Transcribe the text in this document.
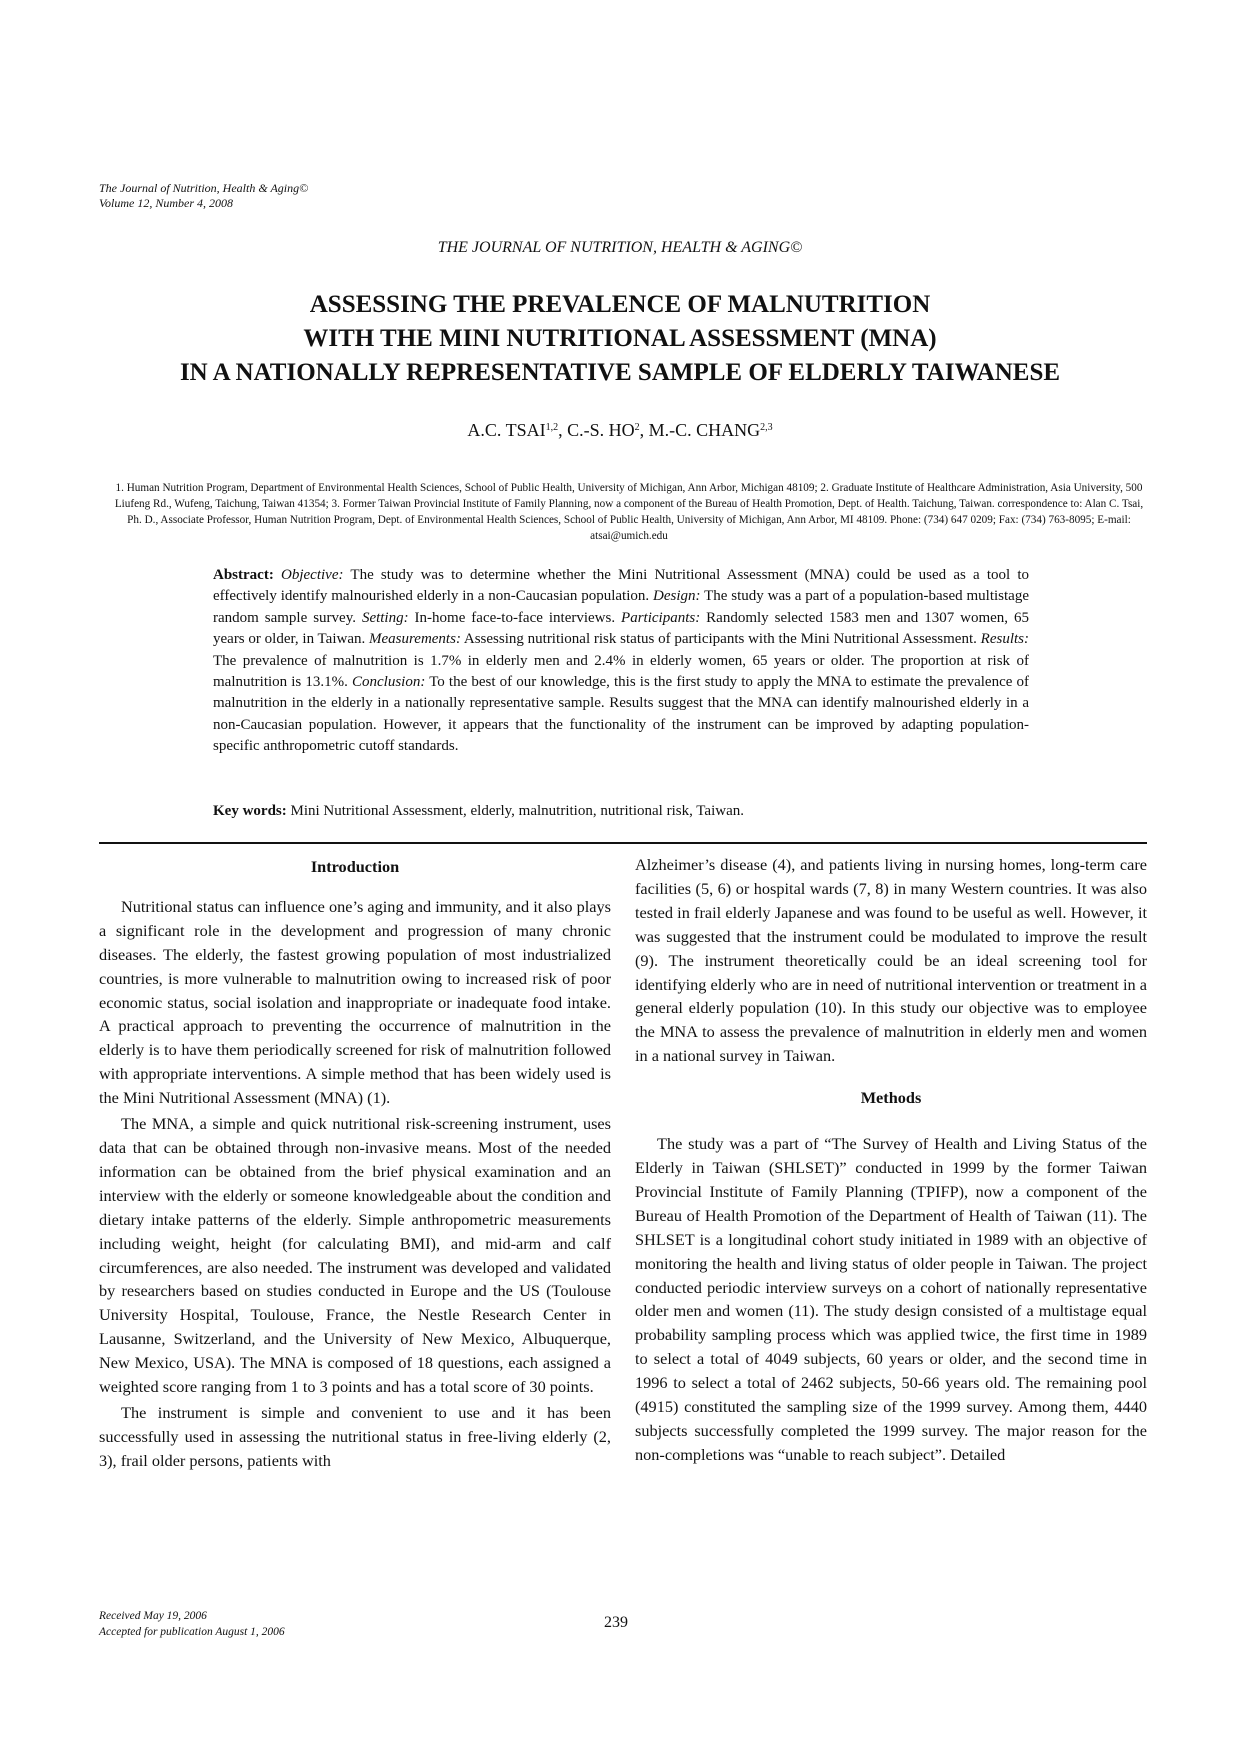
The Journal of Nutrition, Health & Aging©
Volume 12, Number 4, 2008
THE JOURNAL OF NUTRITION, HEALTH & AGING©
ASSESSING THE PREVALENCE OF MALNUTRITION
WITH THE MINI NUTRITIONAL ASSESSMENT (MNA)
IN A NATIONALLY REPRESENTATIVE SAMPLE OF ELDERLY TAIWANESE
A.C. TSAI$^{1,2}$, C.-S. $HO^2$, M.-C. CHANG$^{2,3}$
1. Human Nutrition Program, Department of Environmental Health Sciences, School of Public Health, University of Michigan, Ann Arbor, Michigan 48109; 2. Graduate Institute of Healthcare Administration, Asia University, 500 Liufeng Rd., Wufeng, Taichung, Taiwan 41354; 3. Former Taiwan Provincial Institute of Family Planning, now a component of the Bureau of Health Promotion, Dept. of Health. Taichung, Taiwan. correspondence to: Alan C. Tsai, Ph. D., Associate Professor, Human Nutrition Program, Dept. of Environmental Health Sciences, School of Public Health, University of Michigan, Ann Arbor, MI 48109. Phone: (734) 647 0209; Fax: (734) 763-8095; E-mail: atsai@umich.edu
Abstract: Objective: The study was to determine whether the Mini Nutritional Assessment (MNA) could be used as a tool to effectively identify malnourished elderly in a non-Caucasian population. Design: The study was a part of a population-based multistage random sample survey. Setting: In-home face-to-face interviews. Participants: Randomly selected 1583 men and 1307 women, 65 years or older, in Taiwan. Measurements: Assessing nutritional risk status of participants with the Mini Nutritional Assessment. Results: The prevalence of malnutrition is 1.7% in elderly men and 2.4% in elderly women, 65 years or older. The proportion at risk of malnutrition is 13.1%. Conclusion: To the best of our knowledge, this is the first study to apply the MNA to estimate the prevalence of malnutrition in the elderly in a nationally representative sample. Results suggest that the MNA can identify malnourished elderly in a non-Caucasian population. However, it appears that the functionality of the instrument can be improved by adapting population-specific anthropometric cutoff standards.
Key words: Mini Nutritional Assessment, elderly, malnutrition, nutritional risk, Taiwan.

Introduction

Nutritional status can influence one’s aging and immunity, and it also plays a significant role in the development and progression of many chronic diseases. The elderly, the fastest growing population of most industrialized countries, is more vulnerable to malnutrition owing to increased risk of poor economic status, social isolation and inappropriate or inadequate food intake. A practical approach to preventing the occurrence of malnutrition in the elderly is to have them periodically screened for risk of malnutrition followed with appropriate interventions. A simple method that has been widely used is the Mini Nutritional Assessment (MNA) (1).

The MNA, a simple and quick nutritional risk-screening instrument, uses data that can be obtained through non-invasive means. Most of the needed information can be obtained from the brief physical examination and an interview with the elderly or someone knowledgeable about the condition and dietary intake patterns of the elderly. Simple anthropometric measurements including weight, height (for calculating BMI), and mid-arm and calf circumferences, are also needed. The instrument was developed and validated by researchers based on studies conducted in Europe and the US (Toulouse University Hospital, Toulouse, France, the Nestle Research Center in Lausanne, Switzerland, and the University of New Mexico, Albuquerque, New Mexico, USA). The MNA is composed of 18 questions, each assigned a weighted score ranging from 1 to 3 points and has a total score of 30 points.

The instrument is simple and convenient to use and it has been successfully used in assessing the nutritional status in free-living elderly (2, 3), frail older persons, patients with

Alzheimer’s disease (4), and patients living in nursing homes, long-term care facilities (5, 6) or hospital wards (7, 8) in many Western countries. It was also tested in frail elderly Japanese and was found to be useful as well. However, it was suggested that the instrument could be modulated to improve the result (9). The instrument theoretically could be an ideal screening tool for identifying elderly who are in need of nutritional intervention or treatment in a general elderly population (10). In this study our objective was to employee the MNA to assess the prevalence of malnutrition in elderly men and women in a national survey in Taiwan.

Methods

The study was a part of “The Survey of Health and Living Status of the Elderly in Taiwan (SHLSET)” conducted in 1999 by the former Taiwan Provincial Institute of Family Planning (TPIFP), now a component of the Bureau of Health Promotion of the Department of Health of Taiwan (11). The SHLSET is a longitudinal cohort study initiated in 1989 with an objective of monitoring the health and living status of older people in Taiwan. The project conducted periodic interview surveys on a cohort of nationally representative older men and women (11). The study design consisted of a multistage equal probability sampling process which was applied twice, the first time in 1989 to select a total of 4049 subjects, 60 years or older, and the second time in 1996 to select a total of 2462 subjects, 50-66 years old. The remaining pool (4915) constituted the sampling size of the 1999 survey. Among them, 4440 subjects successfully completed the 1999 survey. The major reason for the non-completions was “unable to reach subject”. Detailed

Received May 19, 2006
Accepted for publication August 1, 2006
239
